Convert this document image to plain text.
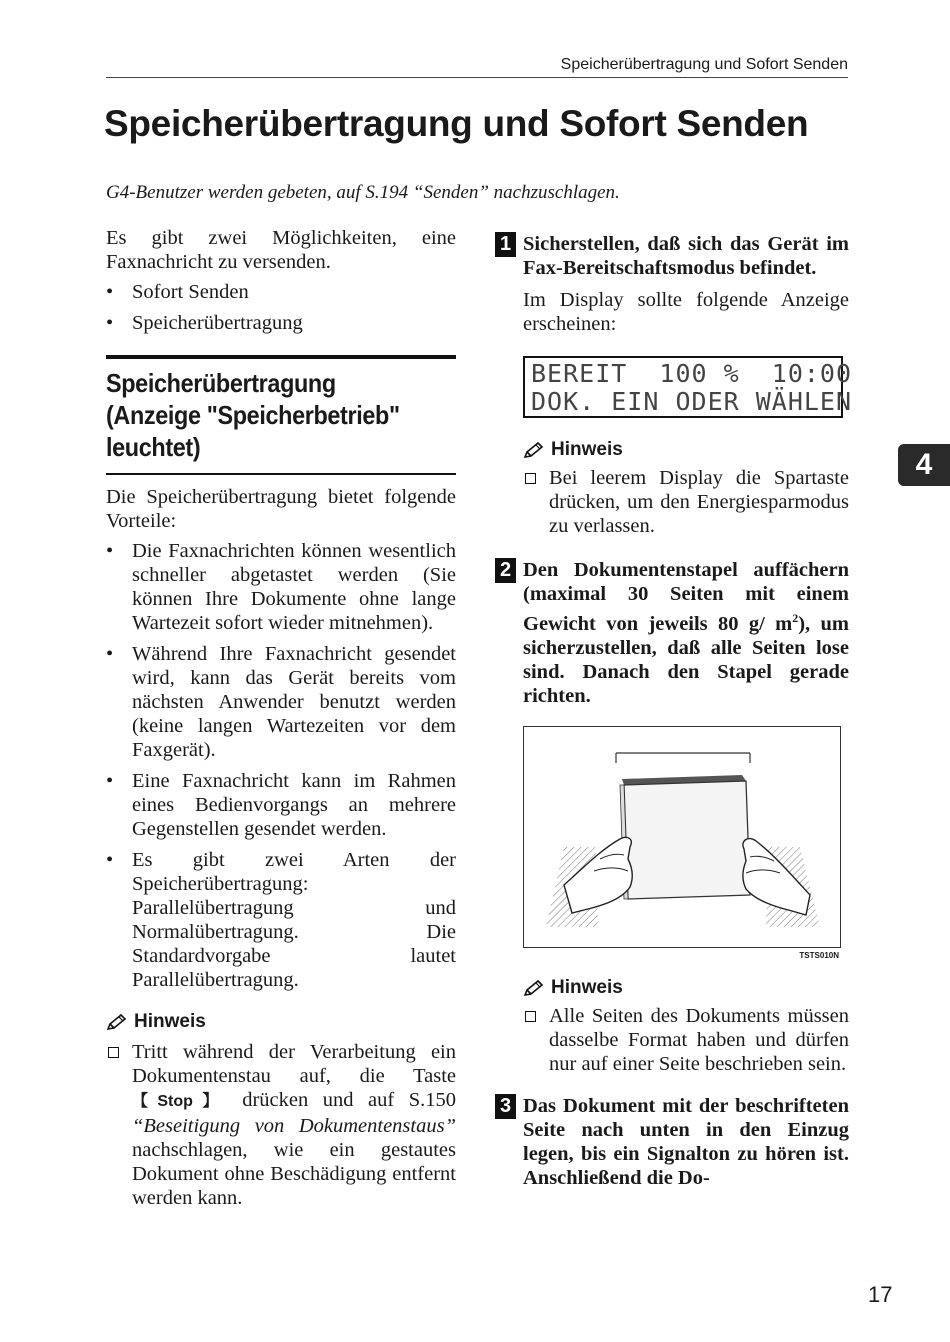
Speicherübertragung und Sofort Senden
Speicherübertragung und Sofort Senden
G4-Benutzer werden gebeten, auf S.194 “Senden” nachzuschlagen.

Es gibt zwei Möglichkeiten, eine Faxnachricht zu versenden.

• Sofort Senden
• Speicherübertragung
Speicherübertragung
(Anzeige "Speicherbetrieb"
leuchtet)

Die Speicherübertragung bietet folgende Vorteile:

• Die Faxnachrichten können wesentlich schneller abgetastet werden (Sie können Ihre Dokumente ohne lange Wartezeit sofort wieder mitnehmen).
• Während Ihre Faxnachricht gesendet wird, kann das Gerät bereits vom nächsten Anwender benutzt werden (keine langen Wartezeiten vor dem Faxgerät).
• Eine Faxnachricht kann im Rahmen eines Bedienvorgangs an mehrere Gegenstellen gesendet werden.
• Es gibt zwei Arten der Speicherübertragung: Parallelübertragung und Normalübertragung. Die Standardvorgabe lautet Parallelübertragung.
Hinweis
Tritt während der Verarbeitung ein Dokumentenstau auf, die Taste 【Stop】 drücken und auf S.150 “Beseitigung von Dokumentenstaus” nachschlagen, wie ein gestautes Dokument ohne Beschädigung entfernt werden kann.
1 Sicherstellen, daß sich das Gerät im Fax-Bereitschaftsmodus befindet.
Im Display sollte folgende Anzeige erscheinen:
BEREIT  100 %  10:00
DOK. EIN ODER WÄHLEN
Hinweis
Bei leerem Display die Spartaste drücken, um den Energiesparmodus zu verlassen.
2 Den Dokumentenstapel auffächern (maximal 30 Seiten mit einem Gewicht von jeweils 80 g/ $m^2$), um sicherzustellen, daß alle Seiten lose sind. Danach den Stapel gerade richten.
TSTS010N
Hinweis
Alle Seiten des Dokuments müssen dasselbe Format haben und dürfen nur auf einer Seite beschrieben sein.
3 Das Dokument mit der beschrifteten Seite nach unten in den Einzug legen, bis ein Signalton zu hören ist. Anschließend die Do-
4
17
